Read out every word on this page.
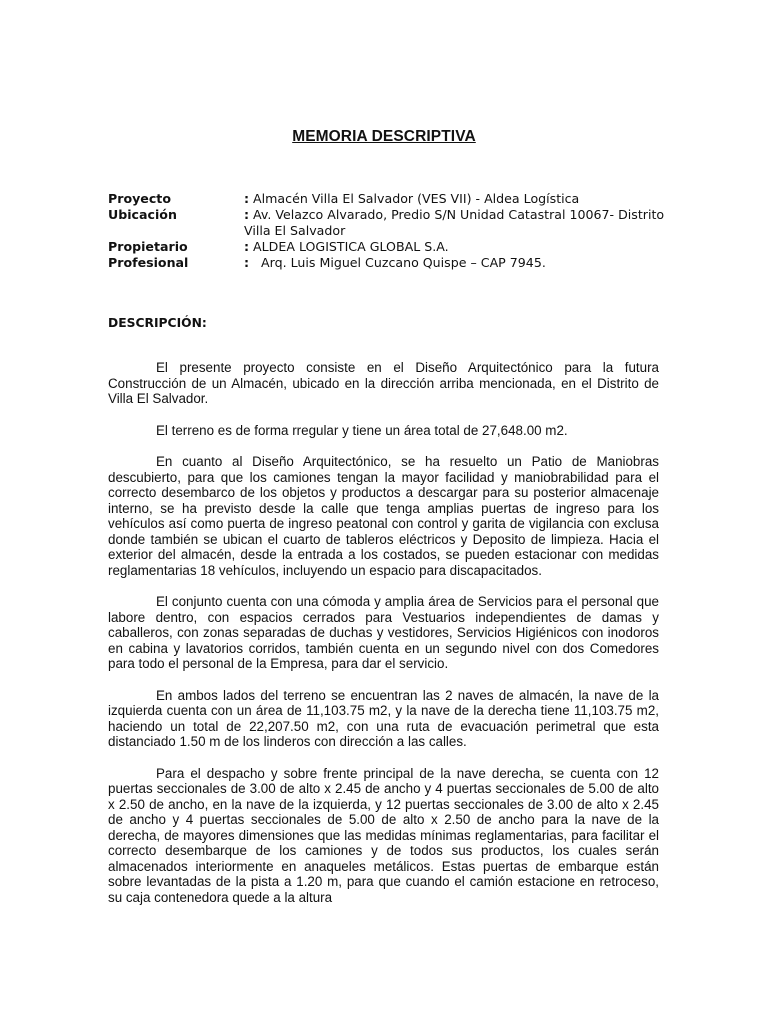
MEMORIA DESCRIPTIVA
Proyecto	: Almacén Villa El Salvador (VES VII) - Aldea Logística
Ubicación	: Av. Velazco Alvarado, Predio S/N Unidad Catastral 10067- Distrito Villa El Salvador
Propietario	: ALDEA LOGISTICA GLOBAL S.A.
Profesional	:  Arq. Luis Miguel Cuzcano Quispe – CAP 7945.
DESCRIPCIÓN:

El presente proyecto consiste en el Diseño Arquitectónico para la futura Construcción de un Almacén, ubicado en la dirección arriba mencionada, en el Distrito de Villa El Salvador.

El terreno es de forma rregular y tiene un área total de 27,648.00 m2.

En cuanto al Diseño Arquitectónico, se ha resuelto un Patio de Maniobras descubierto, para que los camiones tengan la mayor facilidad y maniobrabilidad para el correcto desembarco de los objetos y productos a descargar para su posterior almacenaje interno, se ha previsto desde la calle que tenga amplias puertas de ingreso para los vehículos así como puerta de ingreso peatonal con control y garita de vigilancia con exclusa donde también se ubican el cuarto de tableros eléctricos y Deposito de limpieza. Hacia el exterior del almacén, desde la entrada a los costados, se pueden estacionar con medidas reglamentarias 18 vehículos, incluyendo un espacio para discapacitados.

El conjunto cuenta con una cómoda y amplia área de Servicios para el personal que labore dentro, con espacios cerrados para Vestuarios independientes de damas y caballeros, con zonas separadas de duchas y vestidores, Servicios Higiénicos con inodoros en cabina y lavatorios corridos, también cuenta en un segundo nivel con dos Comedores para todo el personal de la Empresa, para dar el servicio.

En ambos lados del terreno se encuentran las 2 naves de almacén, la nave de la izquierda cuenta con un área de 11,103.75 m2, y la nave de la derecha tiene 11,103.75 m2, haciendo un total de 22,207.50 m2, con una ruta de evacuación perimetral que esta distanciado 1.50 m de los linderos con dirección a las calles.

Para el despacho y sobre frente principal de la nave derecha, se cuenta con 12 puertas seccionales de 3.00 de alto x 2.45 de ancho y 4 puertas seccionales de 5.00 de alto x 2.50 de ancho, en la nave de la izquierda, y 12 puertas seccionales de 3.00 de alto x 2.45 de ancho y 4 puertas seccionales de 5.00 de alto x 2.50 de ancho para la nave de la derecha, de mayores dimensiones que las medidas mínimas reglamentarias, para facilitar el correcto desembarque de los camiones y de todos sus productos, los cuales serán almacenados interiormente en anaqueles metálicos. Estas puertas de embarque están sobre levantadas de la pista a 1.20 m, para que cuando el camión estacione en retroceso, su caja contenedora quede a la altura
